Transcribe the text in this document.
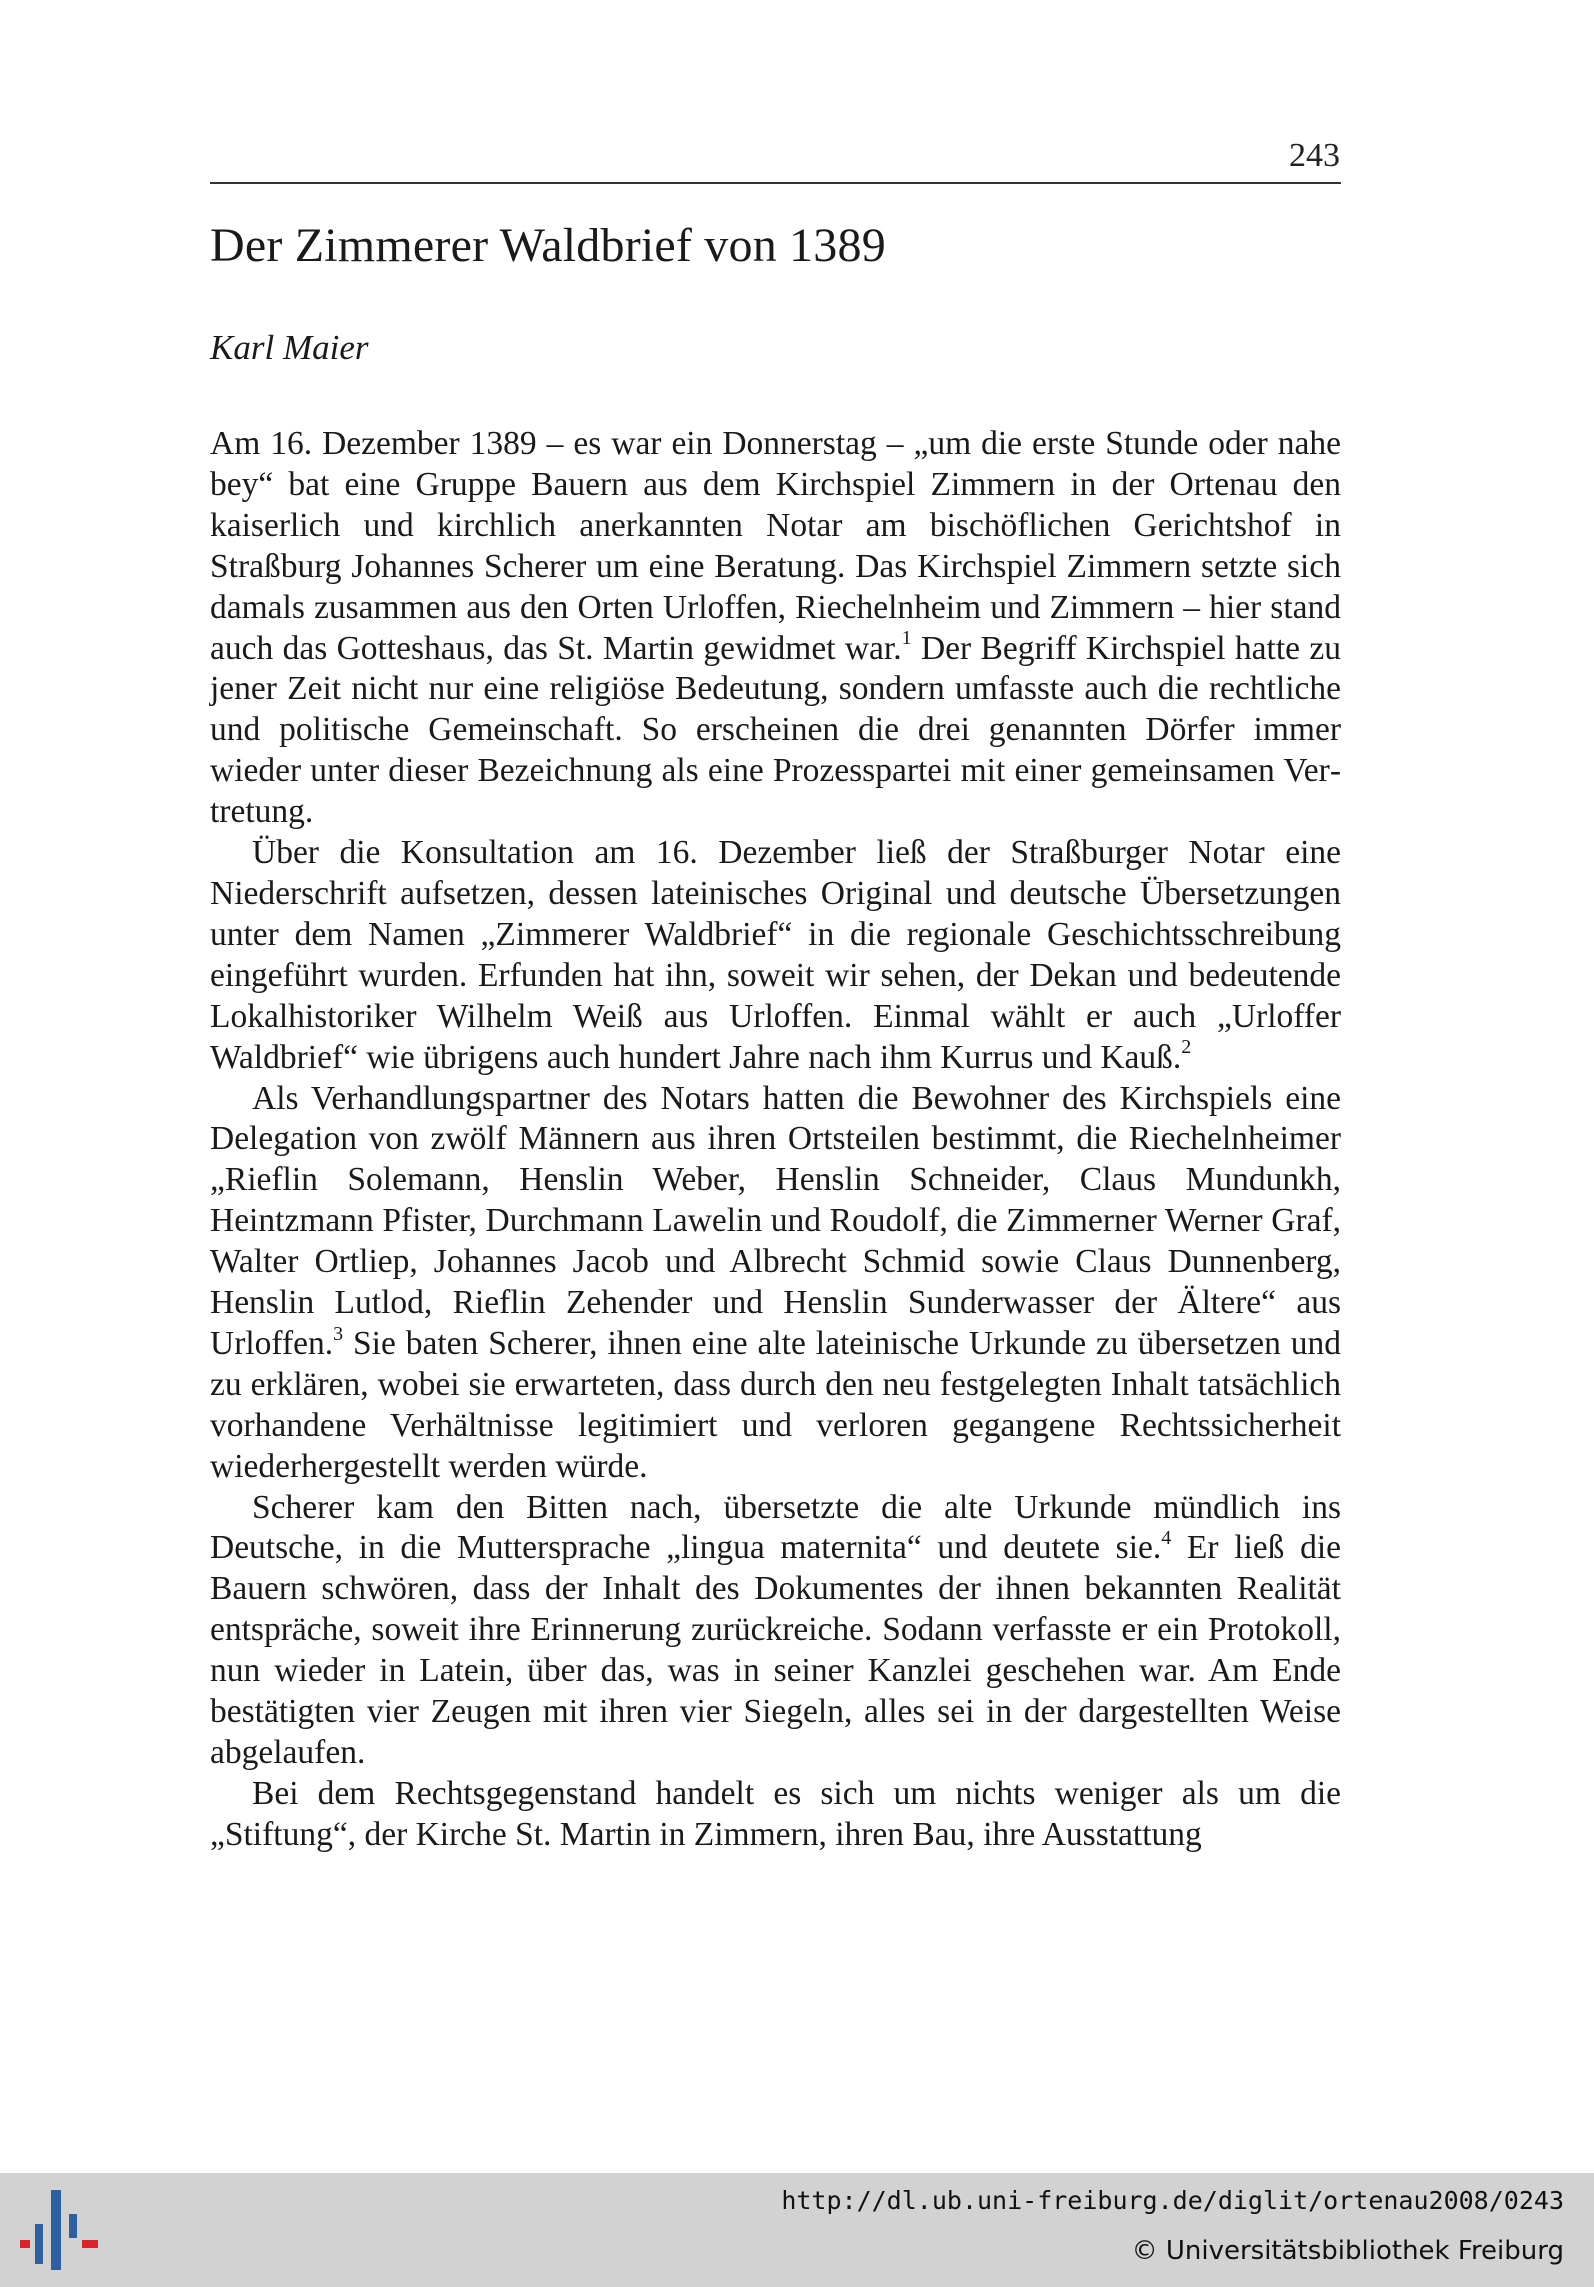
243
Der Zimmerer Waldbrief von 1389
Karl Maier

Am 16. Dezember 1389 – es war ein Donnerstag – „um die erste Stunde oder nahe bey“ bat eine Gruppe Bauern aus dem Kirchspiel Zimmern in der Ortenau den kaiserlich und kirchlich anerkannten Notar am bischöflichen Gerichtshof in Straßburg Johannes Scherer um eine Beratung. Das Kirchspiel Zimmern setzte sich damals zusammen aus den Orten Urloffen, Riechelnheim und Zimmern – hier stand auch das Gotteshaus, das St. Martin gewidmet war.$^1$ Der Begriff Kirchspiel hatte zu jener Zeit nicht nur eine religiöse Bedeutung, sondern umfasste auch die rechtliche und politische Gemeinschaft. So erscheinen die drei genannten Dörfer immer wieder unter dieser Bezeichnung als eine Prozesspartei mit einer gemeinsamen Vertretung.

Über die Konsultation am 16. Dezember ließ der Straßburger Notar eine Niederschrift aufsetzen, dessen lateinisches Original und deutsche Übersetzungen unter dem Namen „Zimmerer Waldbrief“ in die regionale Geschichtsschreibung eingeführt wurden. Erfunden hat ihn, soweit wir sehen, der Dekan und bedeutende Lokalhistoriker Wilhelm Weiß aus Urloffen. Einmal wählt er auch „Urloffer Waldbrief“ wie übrigens auch hundert Jahre nach ihm Kurrus und Kauß.$^2$

Als Verhandlungspartner des Notars hatten die Bewohner des Kirchspiels eine Delegation von zwölf Männern aus ihren Ortsteilen bestimmt, die Riechelnheimer „Rieflin Solemann, Henslin Weber, Henslin Schneider, Claus Mundunkh, Heintzmann Pfister, Durchmann Lawelin und Roudolf, die Zimmerner Werner Graf, Walter Ortliep, Johannes Jacob und Albrecht Schmid sowie Claus Dunnenberg, Henslin Lutlod, Rieflin Zehender und Henslin Sunderwasser der Ältere“ aus Urloffen.$^3$ Sie baten Scherer, ihnen eine alte lateinische Urkunde zu übersetzen und zu erklären, wobei sie erwarteten, dass durch den neu festgelegten Inhalt tatsächlich vorhandene Verhältnisse legitimiert und verloren gegangene Rechtssicherheit wiederhergestellt werden würde.

Scherer kam den Bitten nach, übersetzte die alte Urkunde mündlich ins Deutsche, in die Muttersprache „lingua maternita“ und deutete sie.$^4$ Er ließ die Bauern schwören, dass der Inhalt des Dokumentes der ihnen bekannten Realität entspräche, soweit ihre Erinnerung zurückreiche. Sodann verfasste er ein Protokoll, nun wieder in Latein, über das, was in seiner Kanzlei geschehen war. Am Ende bestätigten vier Zeugen mit ihren vier Siegeln, alles sei in der dargestellten Weise abgelaufen.

Bei dem Rechtsgegenstand handelt es sich um nichts weniger als um die „Stiftung“, der Kirche St. Martin in Zimmern, ihren Bau, ihre Ausstattung

http://dl.ub.uni-freiburg.de/diglit/ortenau2008/0243
© Universitätsbibliothek Freiburg
